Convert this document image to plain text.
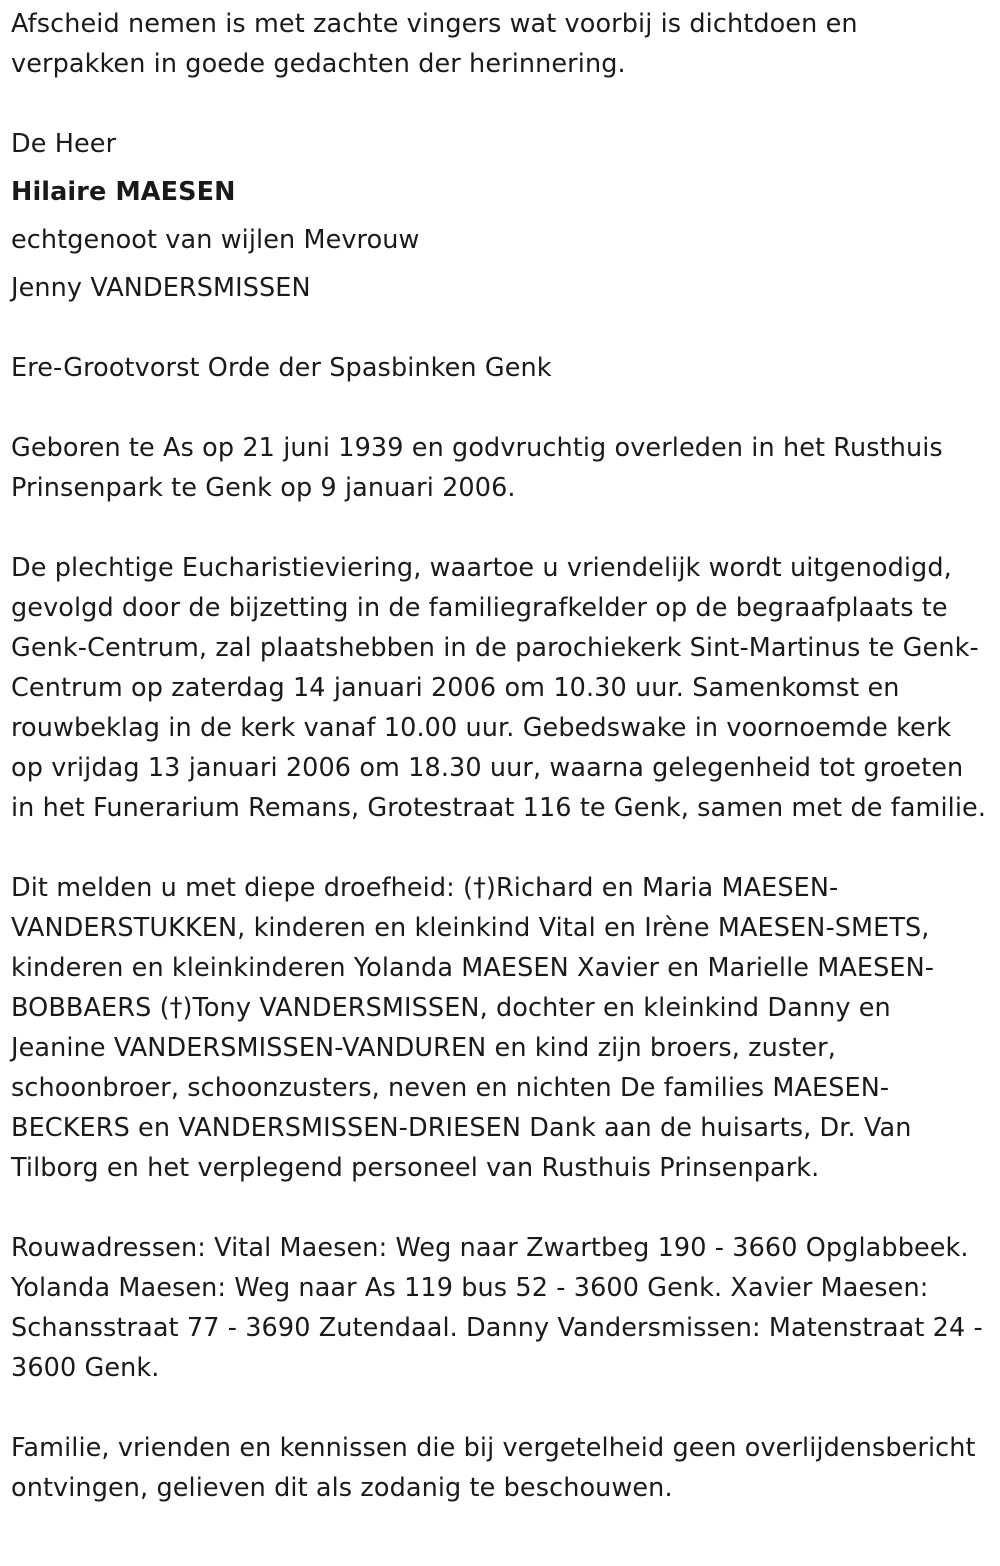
Afscheid nemen is met zachte vingers wat voorbij is dichtdoen en verpakken in goede gedachten der herinnering.

De Heer

Hilaire MAESEN

echtgenoot van wijlen Mevrouw

Jenny VANDERSMISSEN

Ere-Grootvorst Orde der Spasbinken Genk

Geboren te As op 21 juni 1939 en godvruchtig overleden in het Rusthuis Prinsenpark te Genk op 9 januari 2006.

De plechtige Eucharistieviering, waartoe u vriendelijk wordt uitgenodigd, gevolgd door de bijzetting in de familiegrafkelder op de begraafplaats te Genk-Centrum, zal plaatshebben in de parochiekerk Sint-Martinus te Genk-Centrum op zaterdag 14 januari 2006 om 10.30 uur. Samenkomst en rouwbeklag in de kerk vanaf 10.00 uur. Gebedswake in voornoemde kerk op vrijdag 13 januari 2006 om 18.30 uur, waarna gelegenheid tot groeten in het Funerarium Remans, Grotestraat 116 te Genk, samen met de familie.

Dit melden u met diepe droefheid: (†)Richard en Maria MAESEN-VANDERSTUKKEN, kinderen en kleinkind Vital en Irène MAESEN-SMETS, kinderen en kleinkinderen Yolanda MAESEN Xavier en Marielle MAESEN-BOBBAERS (†)Tony VANDERSMISSEN, dochter en kleinkind Danny en Jeanine VANDERSMISSEN-VANDUREN en kind zijn broers, zuster, schoonbroer, schoonzusters, neven en nichten De families MAESEN-BECKERS en VANDERSMISSEN-DRIESEN Dank aan de huisarts, Dr. Van Tilborg en het verplegend personeel van Rusthuis Prinsenpark.

Rouwadressen: Vital Maesen: Weg naar Zwartbeg 190 - 3660 Opglabbeek. Yolanda Maesen: Weg naar As 119 bus 52 - 3600 Genk. Xavier Maesen: Schansstraat 77 - 3690 Zutendaal. Danny Vandersmissen: Matenstraat 24 - 3600 Genk.

Familie, vrienden en kennissen die bij vergetelheid geen overlijdensbericht ontvingen, gelieven dit als zodanig te beschouwen.
